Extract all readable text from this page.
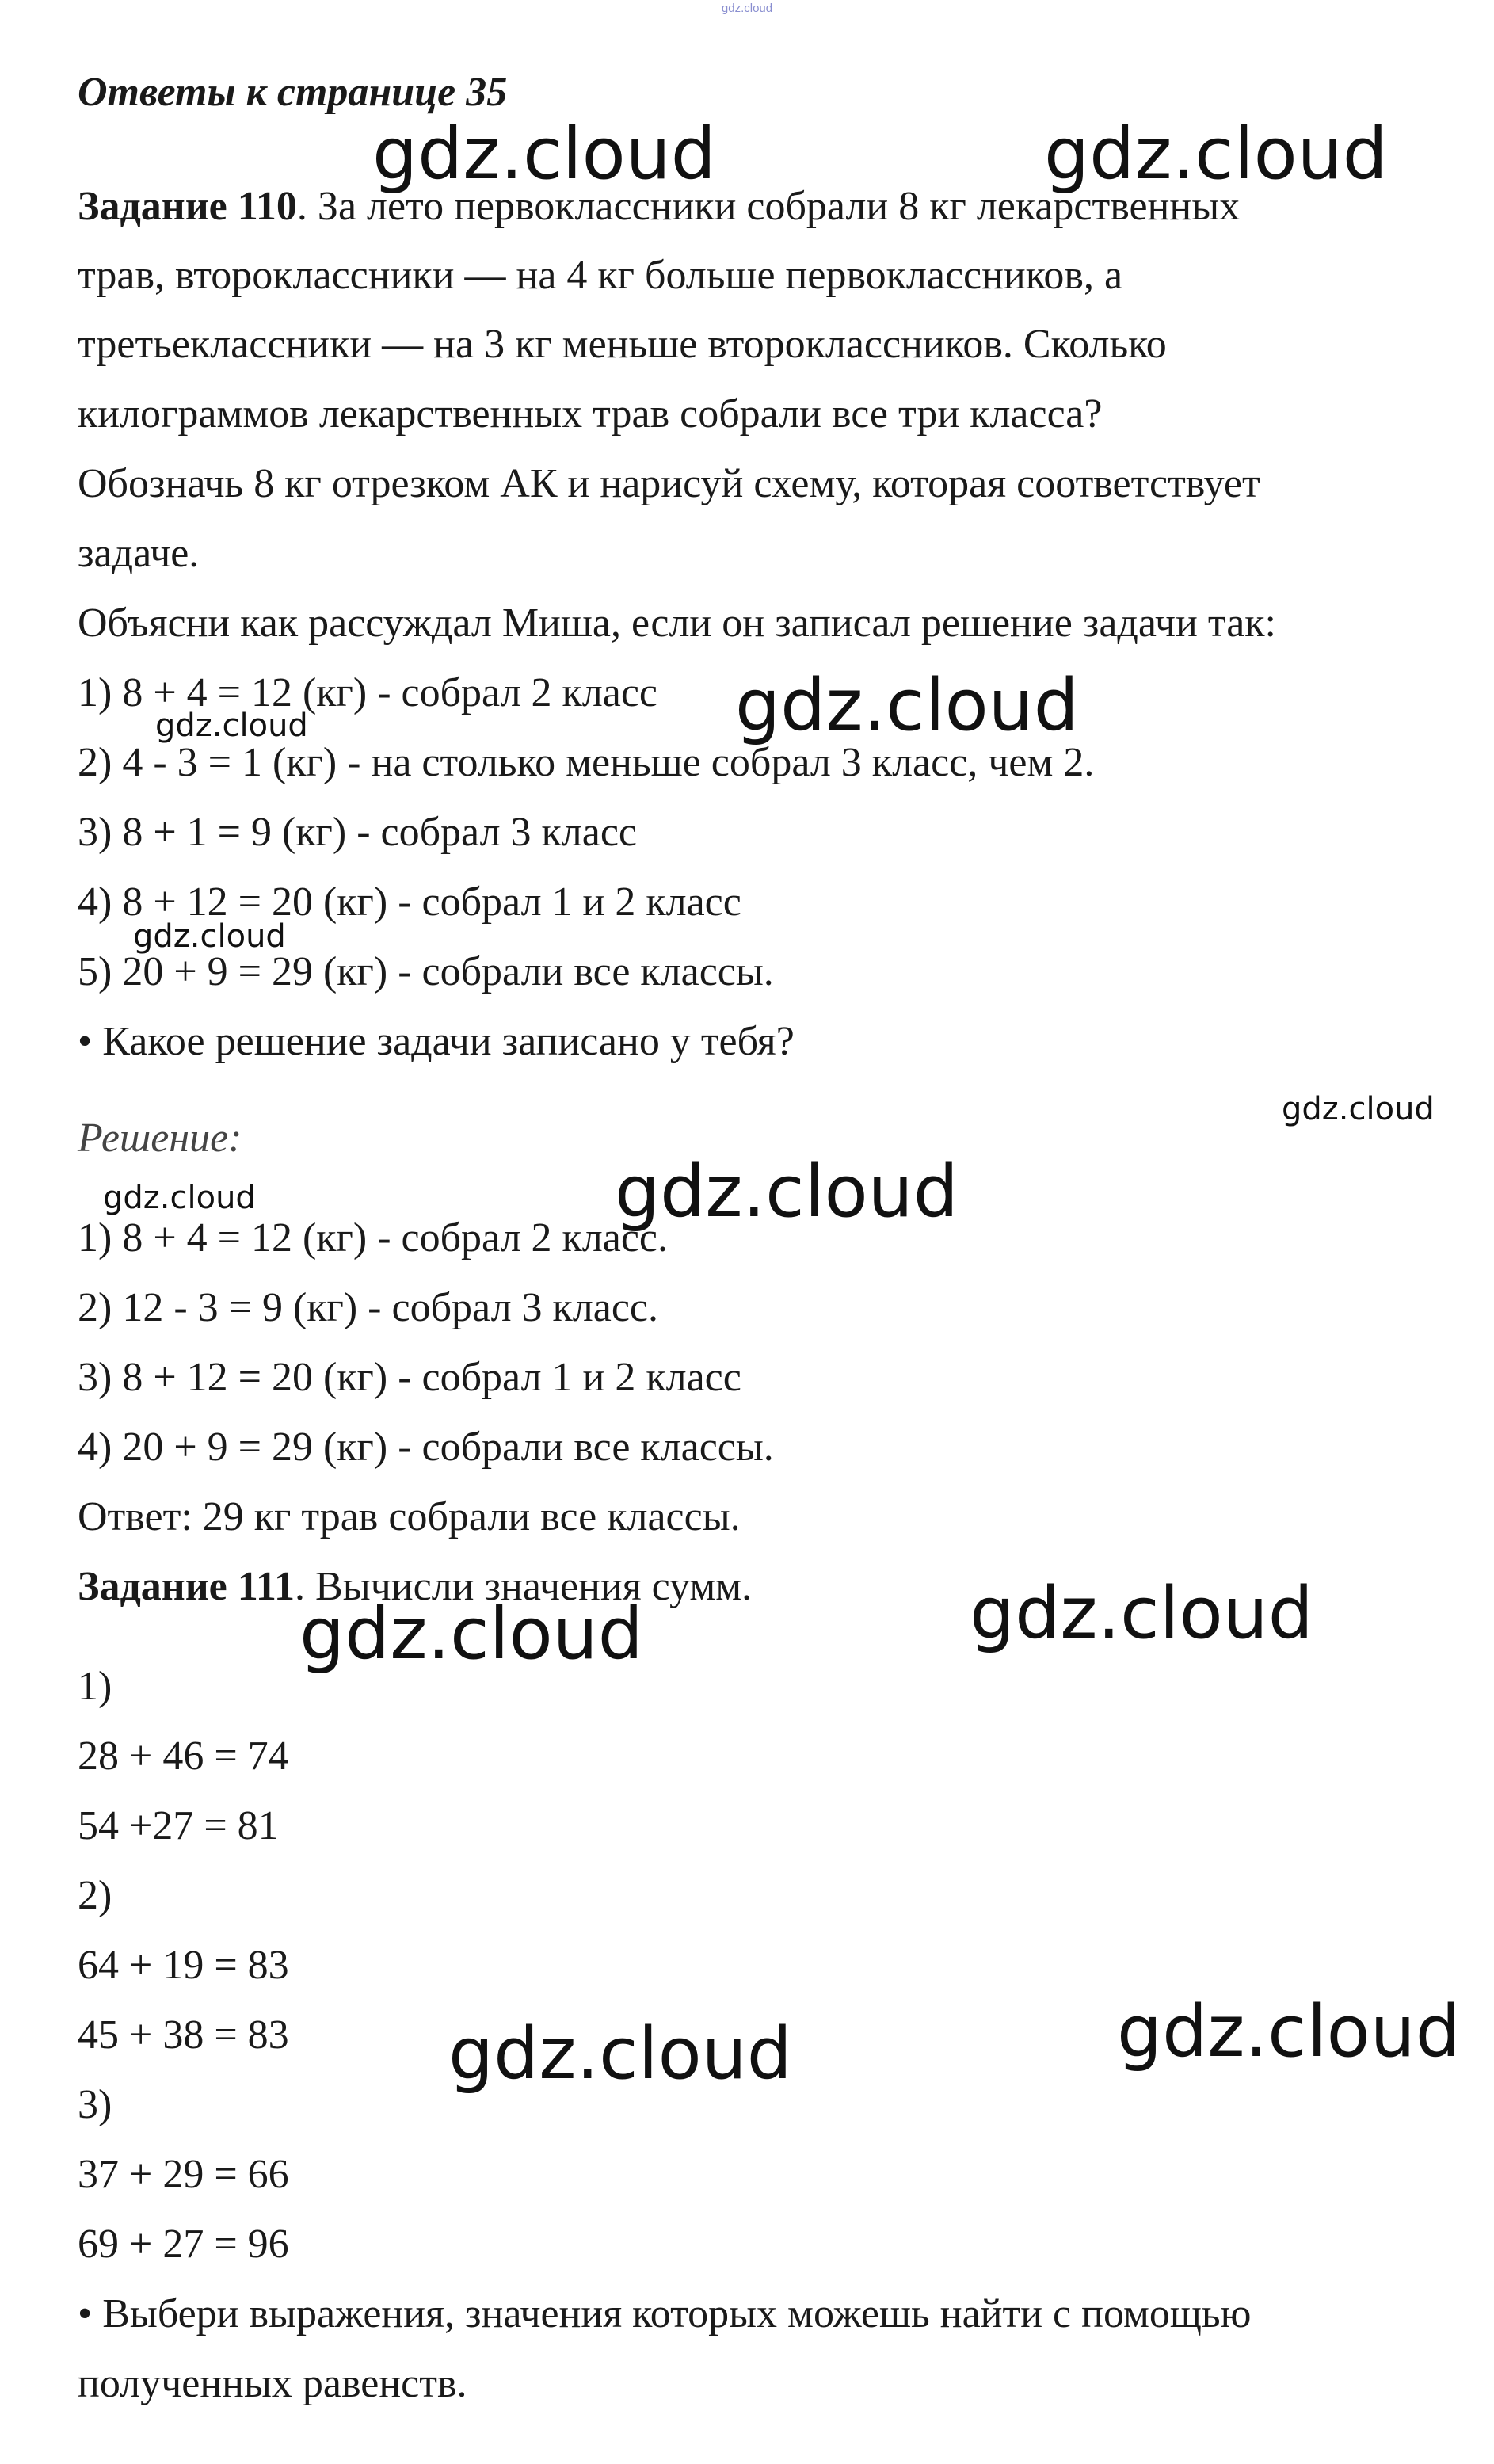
gdz.cloud
Ответы к странице 35
Задание 110. За лето первоклассники собрали 8 кг лекарственных
трав, второклассники — на 4 кг больше первоклассников, а
третьеклассники — на 3 кг меньше второклассников. Сколько
килограммов лекарственных трав собрали все три класса?
Обозначь 8 кг отрезком АК и нарисуй схему, которая соответствует
задаче.
Объясни как рассуждал Миша, если он записал решение задачи так:
1) 8 + 4 = 12 (кг) - собрал 2 класс
2) 4 - 3 = 1 (кг) - на столько меньше собрал 3 класс, чем 2.
3) 8 + 1 = 9 (кг) - собрал 3 класс
4) 8 + 12 = 20 (кг) - собрал 1 и 2 класс
5) 20 + 9 = 29 (кг) - собрали все классы.
• Какое решение задачи записано у тебя?
Решение:
1) 8 + 4 = 12 (кг) - собрал 2 класс.
2) 12 - 3 = 9 (кг) - собрал 3 класс.
3) 8 + 12 = 20 (кг) - собрал 1 и 2 класс
4) 20 + 9 = 29 (кг) - собрали все классы.
Ответ: 29 кг трав собрали все классы.
Задание 111. Вычисли значения сумм.
1)
28 + 46 = 74
54 +27 = 81
2)
64 + 19 = 83
45 + 38 = 83
3)
37 + 29 = 66
69 + 27 = 96
• Выбери выражения, значения которых можешь найти с помощью
полученных равенств.
gdz.cloud	gdz.cloud
gdz.cloud
gdz.cloud
gdz.cloud
gdz.cloud
gdz.cloud
gdz.cloud
gdz.cloud
gdz.cloud
gdz.cloud
gdz.cloud
